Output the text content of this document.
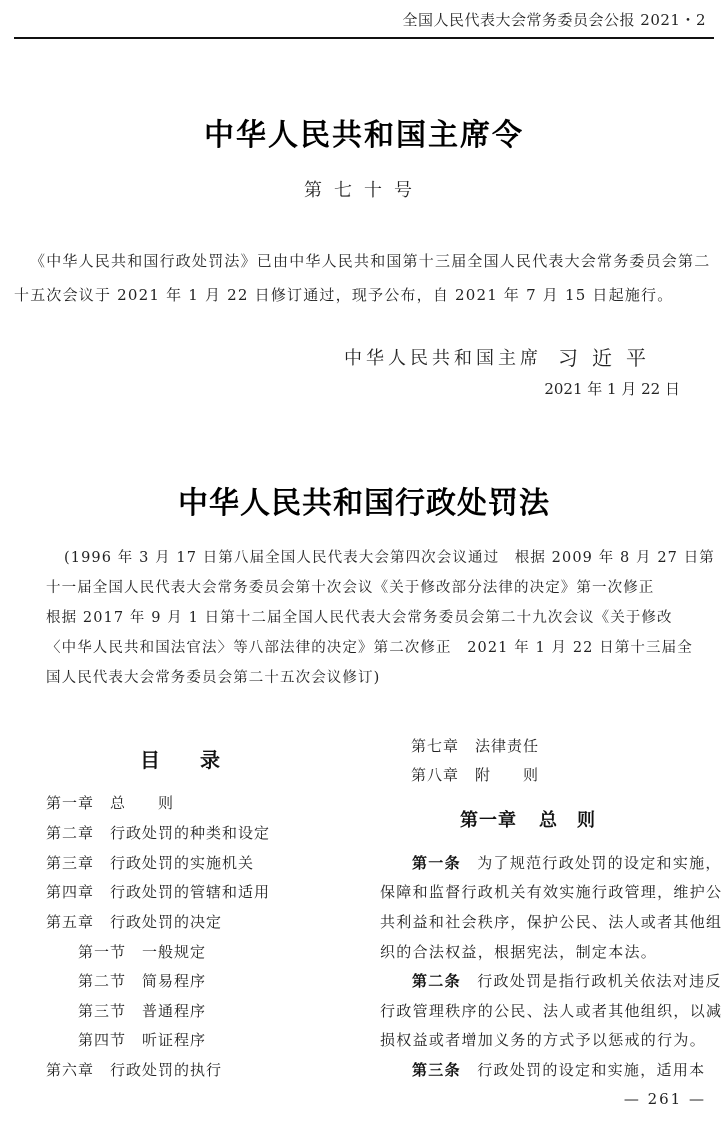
全国人民代表大会常务委员会公报 2021・2
中华人民共和国主席令
第七十号
《中华人民共和国行政处罚法》已由中华人民共和国第十三届全国人民代表大会常务委员会第二
十五次会议于 2021 年 1 月 22 日修订通过，现予公布，自 2021 年 7 月 15 日起施行。
中华人民共和国主席 习近平
2021 年 1 月 22 日
中华人民共和国行政处罚法
(1996 年 3 月 17 日第八届全国人民代表大会第四次会议通过　根据 2009 年 8 月 27 日第
十一届全国人民代表大会常务委员会第十次会议《关于修改部分法律的决定》第一次修正
根据 2017 年 9 月 1 日第十二届全国人民代表大会常务委员会第二十九次会议《关于修改
〈中华人民共和国法官法〉等八部法律的决定》第二次修正　2021 年 1 月 22 日第十三届全
国人民代表大会常务委员会第二十五次会议修订)
目录
第一章 总　　则
第二章 行政处罚的种类和设定
第三章 行政处罚的实施机关
第四章 行政处罚的管辖和适用
第五章 行政处罚的决定
第一节 一般规定
第二节 简易程序
第三节 普通程序
第四节 听证程序
第六章 行政处罚的执行
第七章 法律责任
第八章 附　　则
第一章 总　则
第一条　 为了规范行政处罚的设定和实施，
保障和监督行政机关有效实施行政管理，维护公
共利益和社会秩序，保护公民、法人或者其他组
织的合法权益，根据宪法，制定本法。
第二条　 行政处罚是指行政机关依法对违反
行政管理秩序的公民、法人或者其他组织，以减
损权益或者增加义务的方式予以惩戒的行为。
第三条　 行政处罚的设定和实施，适用本
— 261 —
